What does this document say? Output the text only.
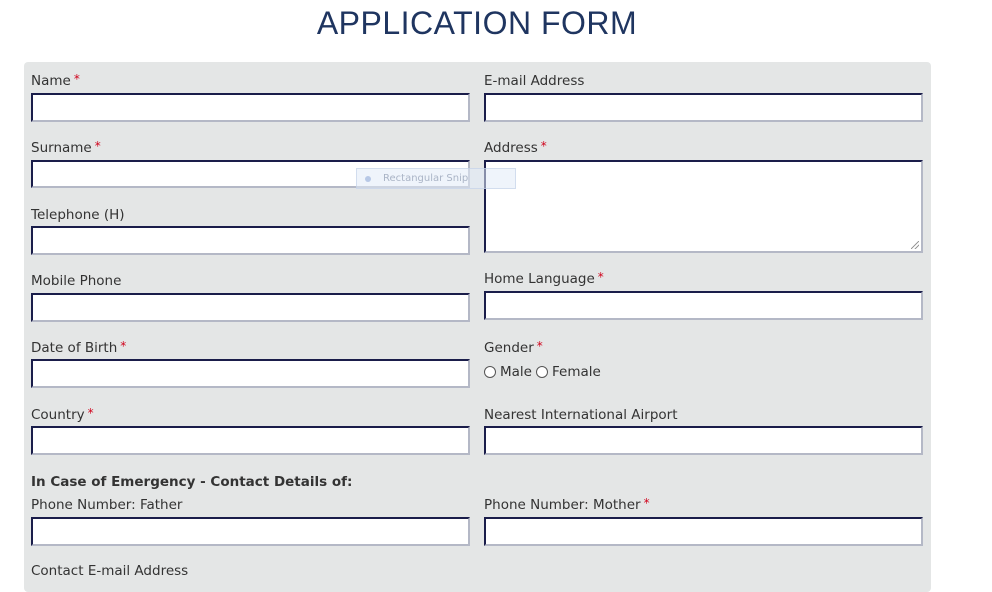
APPLICATION FORM
Name *	E-mail Address
Surname *	Address *
Rectangular Snip
Telephone (H)
Mobile Phone	Home Language *
Date of Birth *	Gender *
Male Female
Country *	Nearest International Airport
In Case of Emergency - Contact Details of:
Phone Number: Father	Phone Number: Mother *
Contact E-mail Address
